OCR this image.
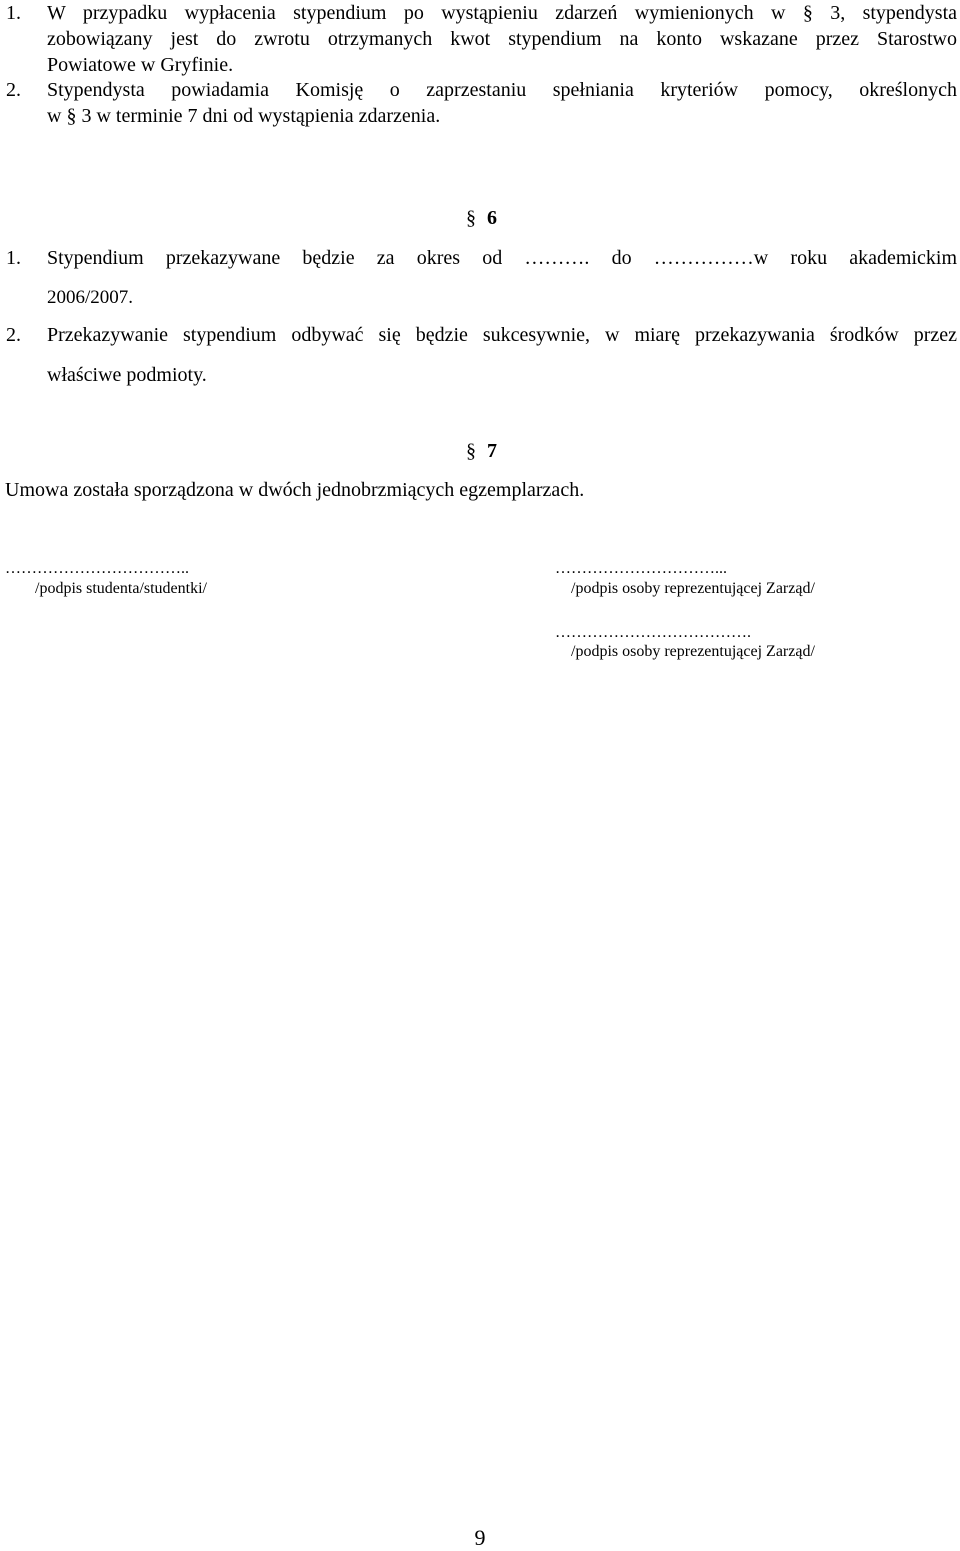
1. W przypadku wypłacenia stypendium po wystąpieniu zdarzeń wymienionych w § 3, stypendysta
zobowiązany jest do zwrotu otrzymanych kwot stypendium na konto wskazane przez Starostwo
Powiatowe w Gryfinie.
2. Stypendysta powiadamia Komisję o zaprzestaniu spełniania kryteriów pomocy, określonych
w § 3 w terminie 7 dni od wystąpienia zdarzenia.
§ 6
1. Stypendium przekazywane będzie za okres od ………. do ……………w roku akademickim
2006/2007.
2. Przekazywanie stypendium odbywać się będzie sukcesywnie, w miarę przekazywania środków przez
właściwe podmioty.
§ 7
Umowa została sporządzona w dwóch jednobrzmiących egzemplarzach.
……………………………..
/podpis studenta/studentki/
…………………………...
/podpis osoby reprezentującej Zarząd/
……………………………….
/podpis osoby reprezentującej Zarząd/
9
